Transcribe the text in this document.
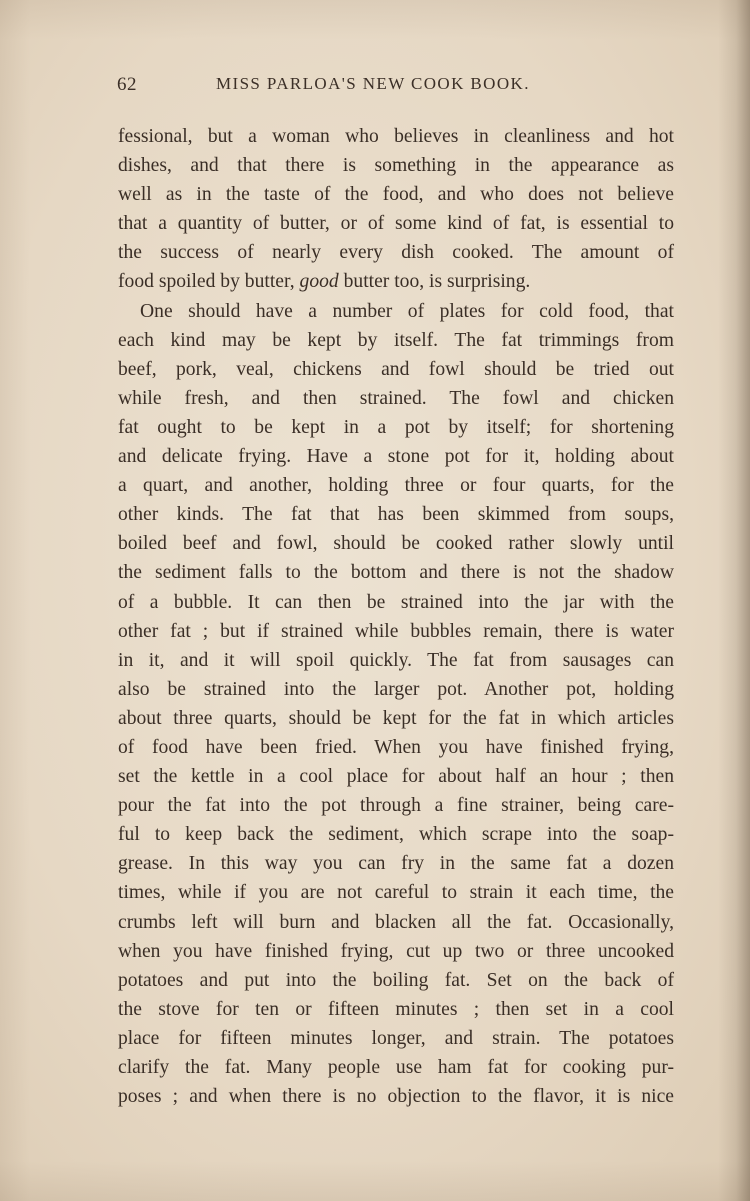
62	MISS PARLOA'S NEW COOK BOOK.
fessional, but a woman who believes in cleanliness and hot
dishes, and that there is something in the appearance as
well as in the taste of the food, and who does not believe
that a quantity of butter, or of some kind of fat, is essential to
the success of nearly every dish cooked. The amount of
food spoiled by butter, good butter too, is surprising.
One should have a number of plates for cold food, that
each kind may be kept by itself. The fat trimmings from
beef, pork, veal, chickens and fowl should be tried out
while fresh, and then strained. The fowl and chicken
fat ought to be kept in a pot by itself; for shortening
and delicate frying. Have a stone pot for it, holding about
a quart, and another, holding three or four quarts, for the
other kinds. The fat that has been skimmed from soups,
boiled beef and fowl, should be cooked rather slowly until
the sediment falls to the bottom and there is not the shadow
of a bubble. It can then be strained into the jar with the
other fat ; but if strained while bubbles remain, there is water
in it, and it will spoil quickly. The fat from sausages can
also be strained into the larger pot. Another pot, holding
about three quarts, should be kept for the fat in which articles
of food have been fried. When you have finished frying,
set the kettle in a cool place for about half an hour ; then
pour the fat into the pot through a fine strainer, being care-
ful to keep back the sediment, which scrape into the soap-
grease. In this way you can fry in the same fat a dozen
times, while if you are not careful to strain it each time, the
crumbs left will burn and blacken all the fat. Occasionally,
when you have finished frying, cut up two or three uncooked
potatoes and put into the boiling fat. Set on the back of
the stove for ten or fifteen minutes ; then set in a cool
place for fifteen minutes longer, and strain. The potatoes
clarify the fat. Many people use ham fat for cooking pur-
poses ; and when there is no objection to the flavor, it is nice
